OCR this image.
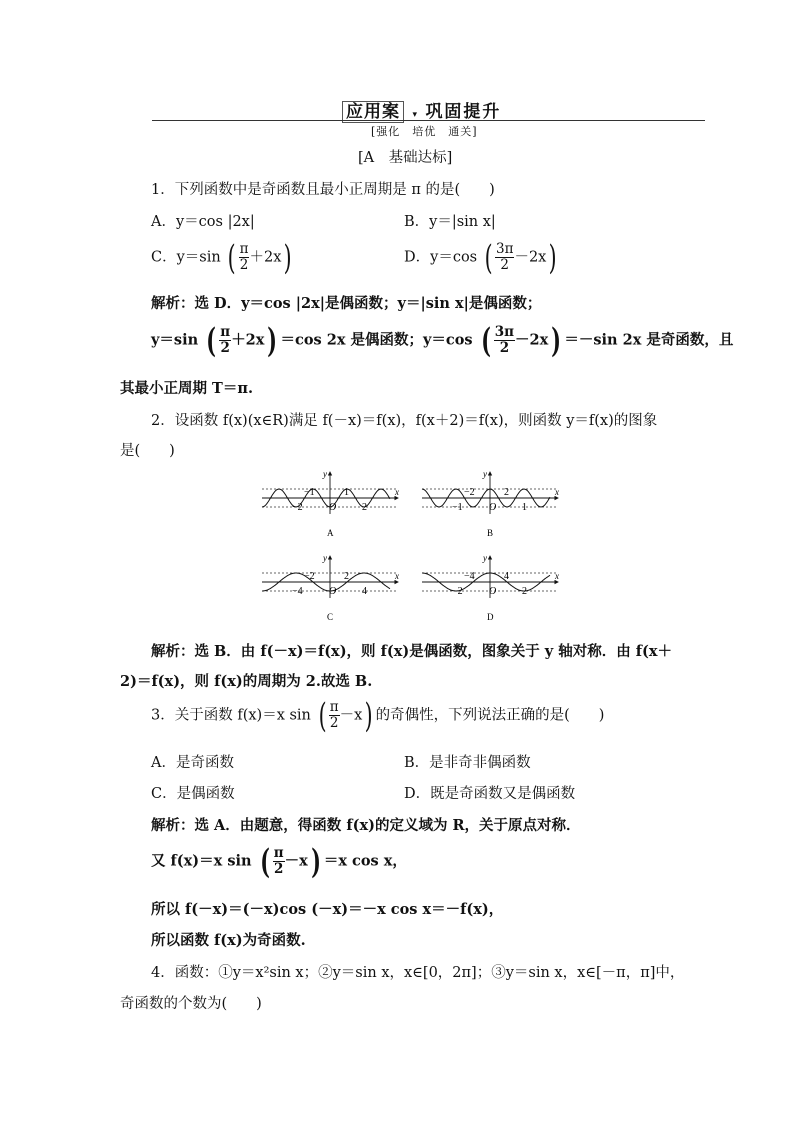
应用案 ▾ 巩固提升
[强化　培优　通关]
[A　基础达标]
1．下列函数中是奇函数且最小正周期是 π 的是(　　)
A．y＝cos |2x|	B．y＝|sin x|
C．y＝sin ( $\frac{\pi}{2} +2x$)	D．y＝cos ( $\frac{3\pi}{2} -2x$)
解析：选 D．y＝cos |2x|是偶函数；y＝|sin x|是偶函数；
y＝sin ( $\frac{\pi}{2} +2x) =\cos$ 2x 是偶函数；y＝cos ( $\frac{3\pi}{2} -2x) =-\sin$ 2x 是奇函数，且
其最小正周期 T＝π.
2．设函数 f(x)(x∈R)满足 f(－x)＝f(x)，f(x＋2)＝f(x)，则函数 y＝f(x)的图象
是(　　)
y
x
−1	1
−2	O	2
A
y
x
−2	2
−1	O	1
B
y
x
−2	2
−4	O	4
C
y
x
−4	4
−2	O	2
D
解析：选 B．由 f(－x)＝f(x)，则 f(x)是偶函数，图象关于 y 轴对称．由 f(x＋
2)＝f(x)，则 f(x)的周期为 2.故选 B.
3．关于函数 f(x)＝x sin ( $\frac{\pi}{2} -x$) 的奇偶性，下列说法正确的是(　　)
A．是奇函数	B．是非奇非偶函数
C．是偶函数	D．既是奇函数又是偶函数
解析：选 A．由题意，得函数 f(x)的定义域为 R，关于原点对称．
又 f(x)＝x sin ( $\frac{\pi}{2} -x) =x$ cos x，
所以 f(－x)＝(－x)cos (－x)＝－x cos x＝－f(x)，
所以函数 f(x)为奇函数.
4．函数：①y＝x²sin x；②y＝sin x，x∈[0，2π]；③y＝sin x，x∈[－π，π]中，
奇函数的个数为(　　)
